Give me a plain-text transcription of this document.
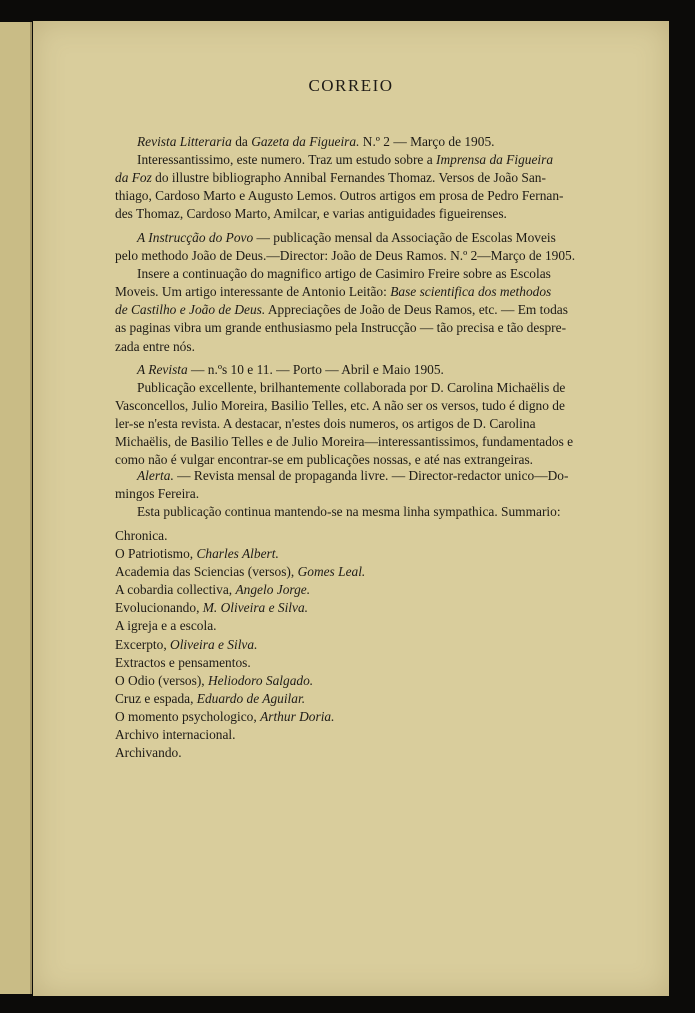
CORREIO
Revista Litteraria da Gazeta da Figueira. N.º 2 — Março de 1905.
Interessantissimo, este numero. Traz um estudo sobre a Imprensa da Figueira
da Foz do illustre bibliographo Annibal Fernandes Thomaz. Versos de João San-
thiago, Cardoso Marto e Augusto Lemos. Outros artigos em prosa de Pedro Fernan-
des Thomaz, Cardoso Marto, Amilcar, e varias antiguidades figueirenses.
A Instrucção do Povo — publicação mensal da Associação de Escolas Moveis
pelo methodo João de Deus.—Director: João de Deus Ramos. N.º 2—Março de 1905.
Insere a continuação do magnifico artigo de Casimiro Freire sobre as Escolas
Moveis. Um artigo interessante de Antonio Leitão: Base scientifica dos methodos
de Castilho e João de Deus. Appreciações de João de Deus Ramos, etc. — Em todas
as paginas vibra um grande enthusiasmo pela Instrucção — tão precisa e tão despre-
zada entre nós.
A Revista — n.ºs 10 e 11. — Porto — Abril e Maio 1905.
Publicação excellente, brilhantemente collaborada por D. Carolina Michaëlis de
Vasconcellos, Julio Moreira, Basilio Telles, etc. A não ser os versos, tudo é digno de
ler-se n'esta revista. A destacar, n'estes dois numeros, os artigos de D. Carolina
Michaëlis, de Basilio Telles e de Julio Moreira—interessantissimos, fundamentados e
como não é vulgar encontrar-se em publicações nossas, e até nas extrangeiras.
Alerta. — Revista mensal de propaganda livre. — Director-redactor unico—Do-
mingos Fereira.
Esta publicação continua mantendo-se na mesma linha sympathica. Summario:
Chronica.
O Patriotismo, Charles Albert.
Academia das Sciencias (versos), Gomes Leal.
A cobardia collectiva, Angelo Jorge.
Evolucionando, M. Oliveira e Silva.
A igreja e a escola.
Excerpto, Oliveira e Silva.
Extractos e pensamentos.
O Odio (versos), Heliodoro Salgado.
Cruz e espada, Eduardo de Aguilar.
O momento psychologico, Arthur Doria.
Archivo internacional.
Archivando.
